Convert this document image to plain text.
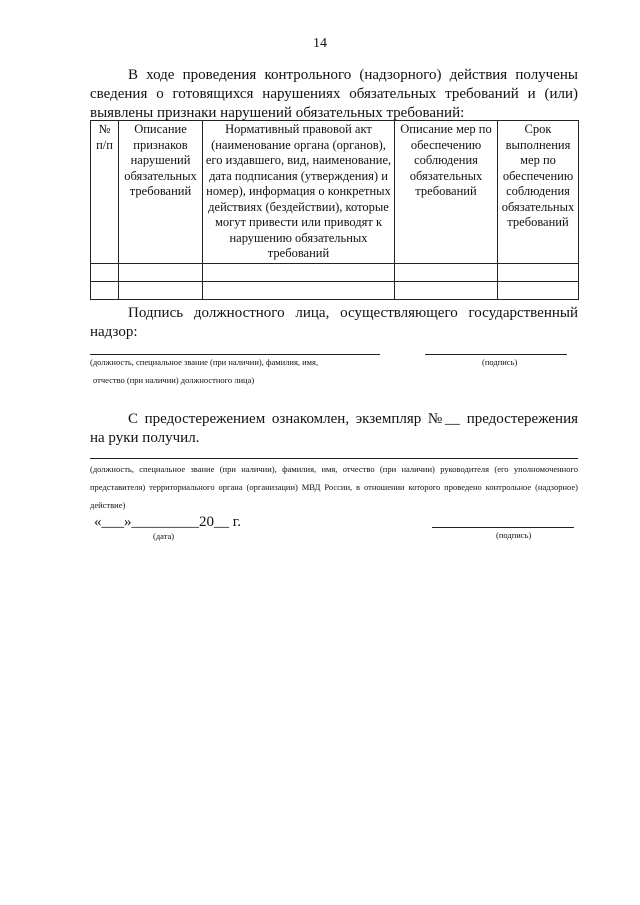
14
В ходе проведения контрольного (надзорного) действия получены сведения о готовящихся нарушениях обязательных требований и (или) выявлены признаки нарушений обязательных требований:
№ п/п	Описание признаков нарушений обязательных требований	Нормативный правовой акт (наименование органа (органов), его издавшего, вид, наименование, дата подписания (утверждения) и номер), информация о конкретных действиях (бездействии), которые могут привести или приводят к нарушению обязательных требований	Описание мер по обеспечению соблюдения обязательных требований	Срок выполнения мер по обеспечению соблюдения обязательных требований

Подпись должностного лица, осуществляющего государственный надзор:
(должность, специальное звание (при наличии), фамилия, имя,	(подпись)
отчество (при наличии) должностного лица)
С предостережением ознакомлен, экземпляр №__ предостережения на руки получил.
(должность, специальное звание (при наличии), фамилия, имя, отчество (при наличии) руководителя (его уполномоченного представителя) территориального органа (организации) МВД России, в отношении которого проведено контрольное (надзорное) действие)
«___»_________20__ г.
(дата)	(подпись)
